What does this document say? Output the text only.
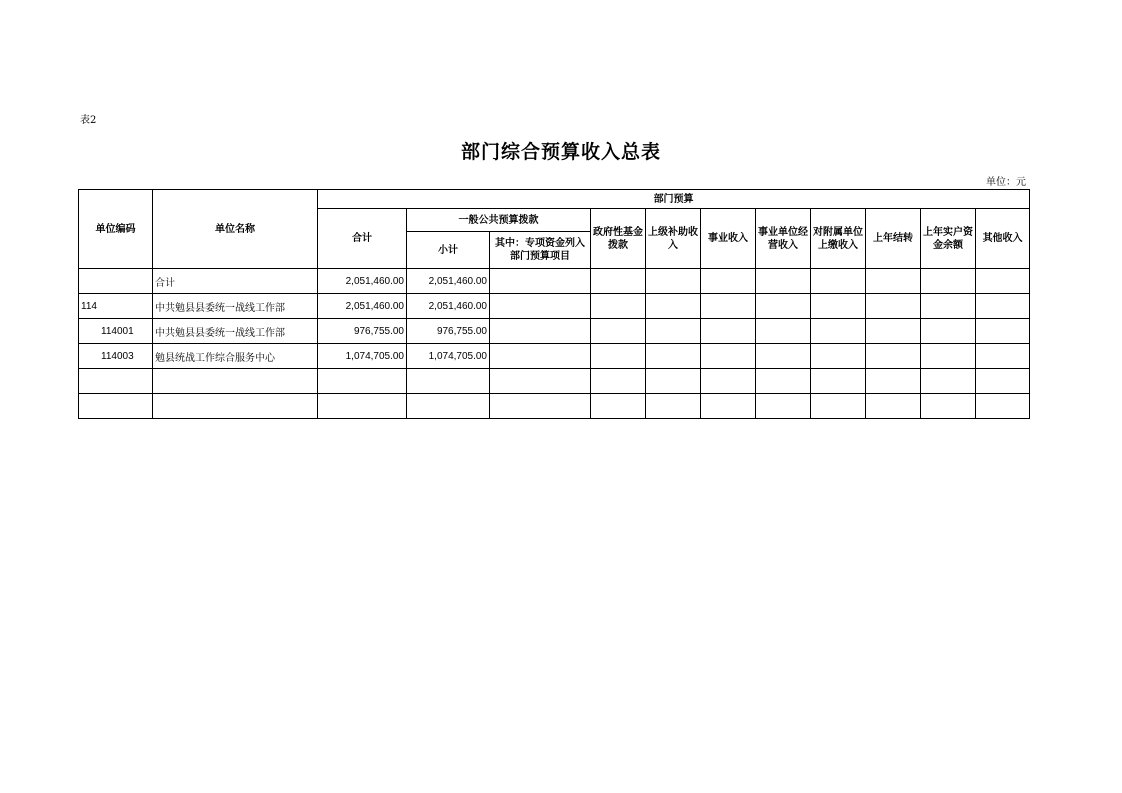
表2
部门综合预算收入总表
单位：元
单位编码	单位名称	部门预算										
		合计	一般公共预算拨款		政府性基金拨款	上级补助收入	事业收入	事业单位经营收入	对附属单位上缴收入	上年结转	上年实户资金余额	其他收入
			小计	其中：专项资金列入部门预算项目								
	合计	2,051,460.00	2,051,460.00									
114	中共勉县县委统一战线工作部	2,051,460.00	2,051,460.00									
114001	中共勉县县委统一战线工作部	976,755.00	976,755.00									
114003	勉县统战工作综合服务中心	1,074,705.00	1,074,705.00									
